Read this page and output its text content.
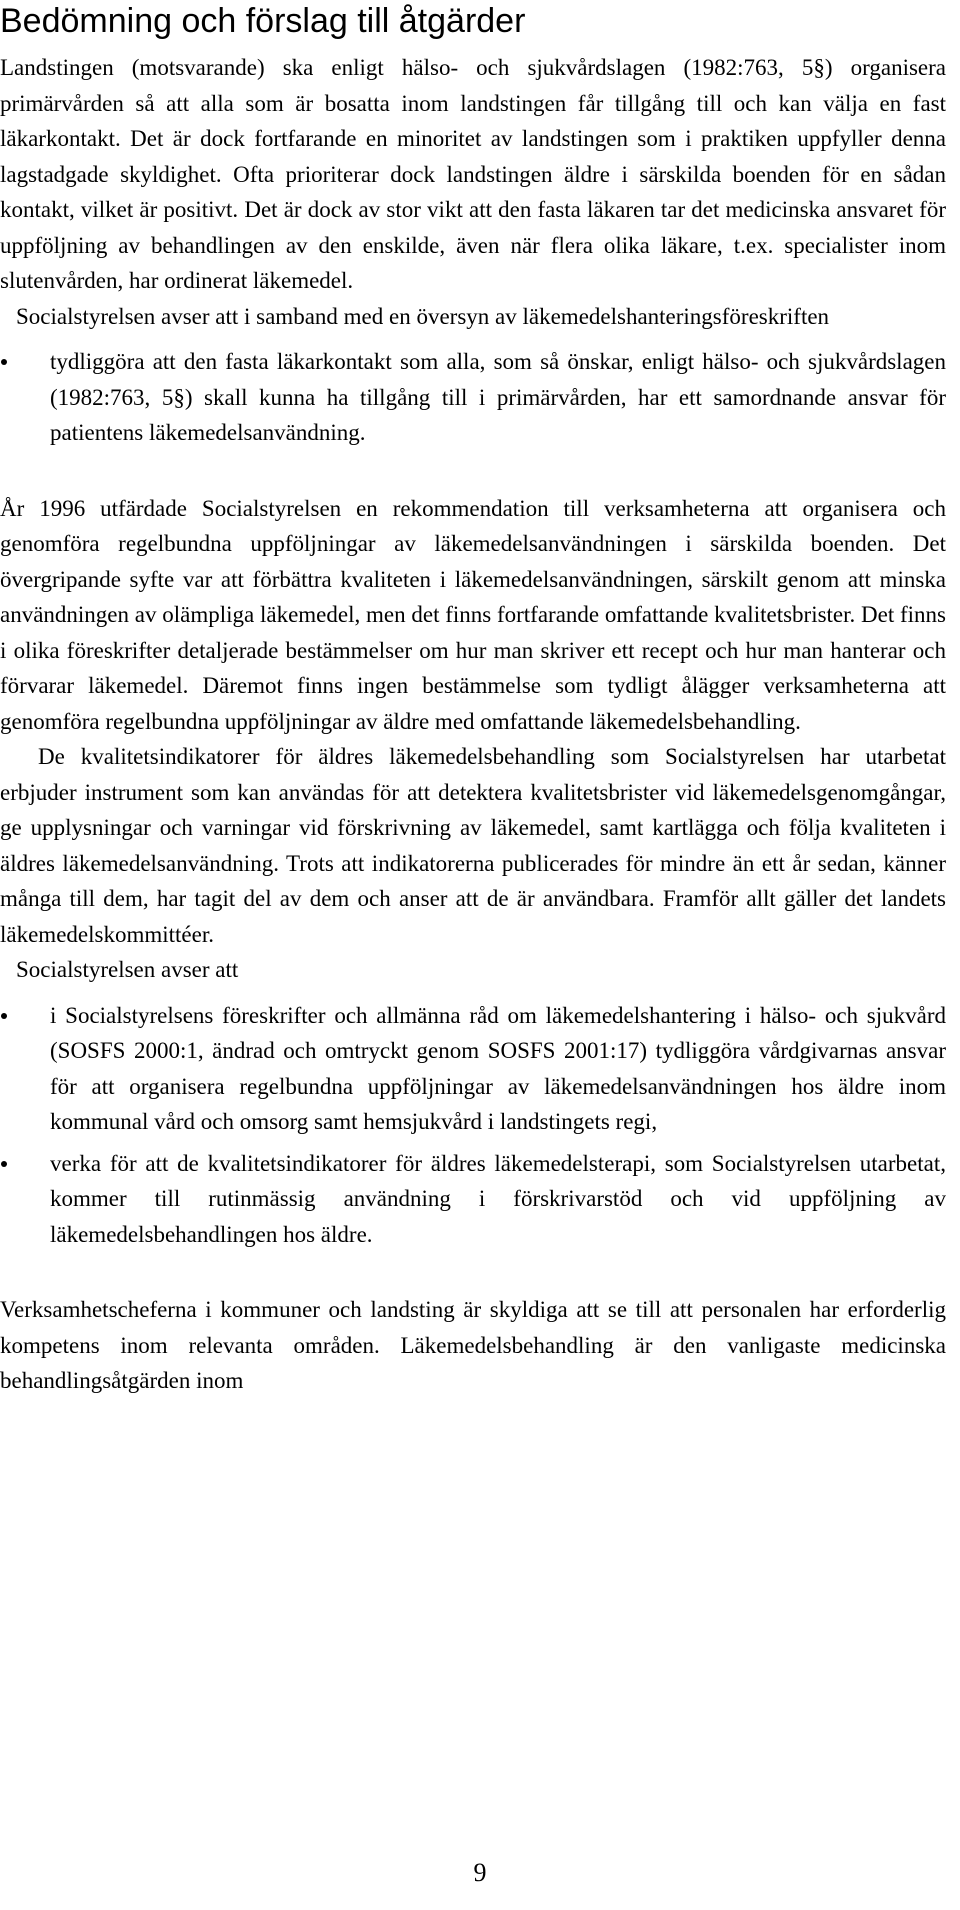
Bedömning och förslag till åtgärder

Landstingen (motsvarande) ska enligt hälso- och sjukvårdslagen (1982:763, 5§) organisera primärvården så att alla som är bosatta inom landstingen får tillgång till och kan välja en fast läkarkontakt. Det är dock fortfarande en minoritet av landstingen som i praktiken uppfyller denna lagstadgade skyldighet. Ofta prioriterar dock landstingen äldre i särskilda boenden för en sådan kontakt, vilket är positivt. Det är dock av stor vikt att den fasta läkaren tar det medicinska ansvaret för uppföljning av behandlingen av den enskilde, även när flera olika läkare, t.ex. specialister inom slutenvården, har ordinerat läkemedel.

Socialstyrelsen avser att i samband med en översyn av läkemedelshanteringsföreskriften

tydliggöra att den fasta läkarkontakt som alla, som så önskar, enligt hälso- och sjukvårdslagen (1982:763, 5§) skall kunna ha tillgång till i primärvården, har ett samordnande ansvar för patientens läkemedelsanvändning.

År 1996 utfärdade Socialstyrelsen en rekommendation till verksamheterna att organisera och genomföra regelbundna uppföljningar av läkemedelsanvändningen i särskilda boenden. Det övergripande syfte var att förbättra kvaliteten i läkemedelsanvändningen, särskilt genom att minska användningen av olämpliga läkemedel, men det finns fortfarande omfattande kvalitetsbrister. Det finns i olika föreskrifter detaljerade bestämmelser om hur man skriver ett recept och hur man hanterar och förvarar läkemedel. Däremot finns ingen bestämmelse som tydligt ålägger verksamheterna att genomföra regelbundna uppföljningar av äldre med omfattande läkemedelsbehandling.

De kvalitetsindikatorer för äldres läkemedelsbehandling som Socialstyrelsen har utarbetat erbjuder instrument som kan användas för att detektera kvalitetsbrister vid läkemedelsgenomgångar, ge upplysningar och varningar vid förskrivning av läkemedel, samt kartlägga och följa kvaliteten i äldres läkemedelsanvändning. Trots att indikatorerna publicerades för mindre än ett år sedan, känner många till dem, har tagit del av dem och anser att de är användbara. Framför allt gäller det landets läkemedelskommittéer.

Socialstyrelsen avser att

i Socialstyrelsens föreskrifter och allmänna råd om läkemedelshantering i hälso- och sjukvård (SOSFS 2000:1, ändrad och omtryckt genom SOSFS 2001:17) tydliggöra vårdgivarnas ansvar för att organisera regelbundna uppföljningar av läkemedelsanvändningen hos äldre inom kommunal vård och omsorg samt hemsjukvård i landstingets regi,
verka för att de kvalitetsindikatorer för äldres läkemedelsterapi, som Socialstyrelsen utarbetat, kommer till rutinmässig användning i förskrivarstöd och vid uppföljning av läkemedelsbehandlingen hos äldre.

Verksamhetscheferna i kommuner och landsting är skyldiga att se till att personalen har erforderlig kompetens inom relevanta områden. Läkemedelsbehandling är den vanligaste medicinska behandlingsåtgärden inom

9
